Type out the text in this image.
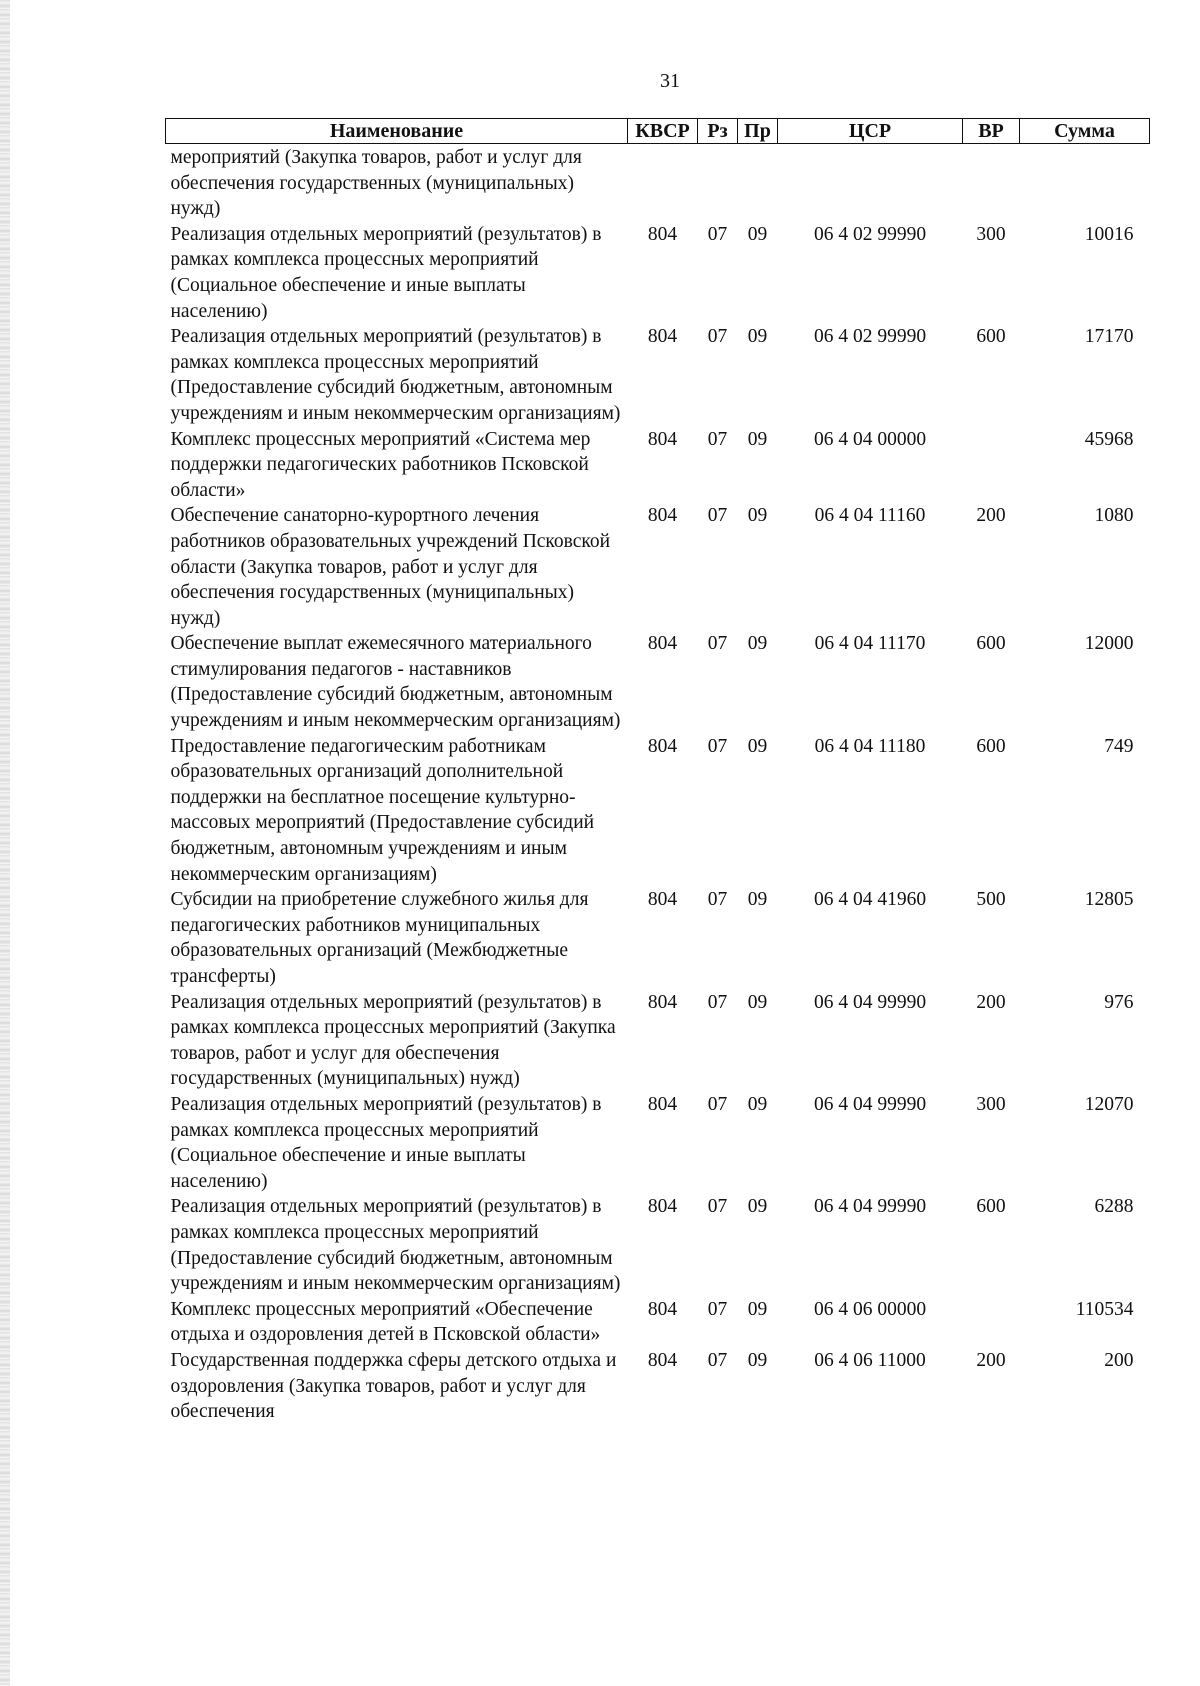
31
Наименование	КВСР	Рз	Пр	ЦСР	ВР	Сумма
мероприятий (Закупка товаров, работ и услуг для обеспечения государственных (муниципальных) нужд)						
Реализация отдельных мероприятий (результатов) в рамках комплекса процессных мероприятий (Социальное обеспечение и иные выплаты населению)	804	07	09	06 4 02 99990	300	10016
Реализация отдельных мероприятий (результатов) в рамках комплекса процессных мероприятий (Предоставление субсидий бюджетным, автономным учреждениям и иным некоммерческим организациям)	804	07	09	06 4 02 99990	600	17170
Комплекс процессных мероприятий «Система мер поддержки педагогических работников Псковской области»	804	07	09	06 4 04 00000		45968
Обеспечение санаторно-курортного лечения работников образовательных учреждений Псковской области (Закупка товаров, работ и услуг для обеспечения государственных (муниципальных) нужд)	804	07	09	06 4 04 11160	200	1080
Обеспечение выплат ежемесячного материального стимулирования педагогов - наставников (Предоставление субсидий бюджетным, автономным учреждениям и иным некоммерческим организациям)	804	07	09	06 4 04 11170	600	12000
Предоставление педагогическим работникам образовательных организаций дополнительной поддержки на бесплатное посещение культурно-массовых мероприятий (Предоставление субсидий бюджетным, автономным учреждениям и иным некоммерческим организациям)	804	07	09	06 4 04 11180	600	749
Субсидии на приобретение служебного жилья для педагогических работников муниципальных образовательных организаций (Межбюджетные трансферты)	804	07	09	06 4 04 41960	500	12805
Реализация отдельных мероприятий (результатов) в рамках комплекса процессных мероприятий (Закупка товаров, работ и услуг для обеспечения государственных (муниципальных) нужд)	804	07	09	06 4 04 99990	200	976
Реализация отдельных мероприятий (результатов) в рамках комплекса процессных мероприятий (Социальное обеспечение и иные выплаты населению)	804	07	09	06 4 04 99990	300	12070
Реализация отдельных мероприятий (результатов) в рамках комплекса процессных мероприятий (Предоставление субсидий бюджетным, автономным учреждениям и иным некоммерческим организациям)	804	07	09	06 4 04 99990	600	6288
Комплекс процессных мероприятий «Обеспечение отдыха и оздоровления детей в Псковской области»	804	07	09	06 4 06 00000		110534
Государственная поддержка сферы детского отдыха и оздоровления (Закупка товаров, работ и услуг для обеспечения	804	07	09	06 4 06 11000	200	200
